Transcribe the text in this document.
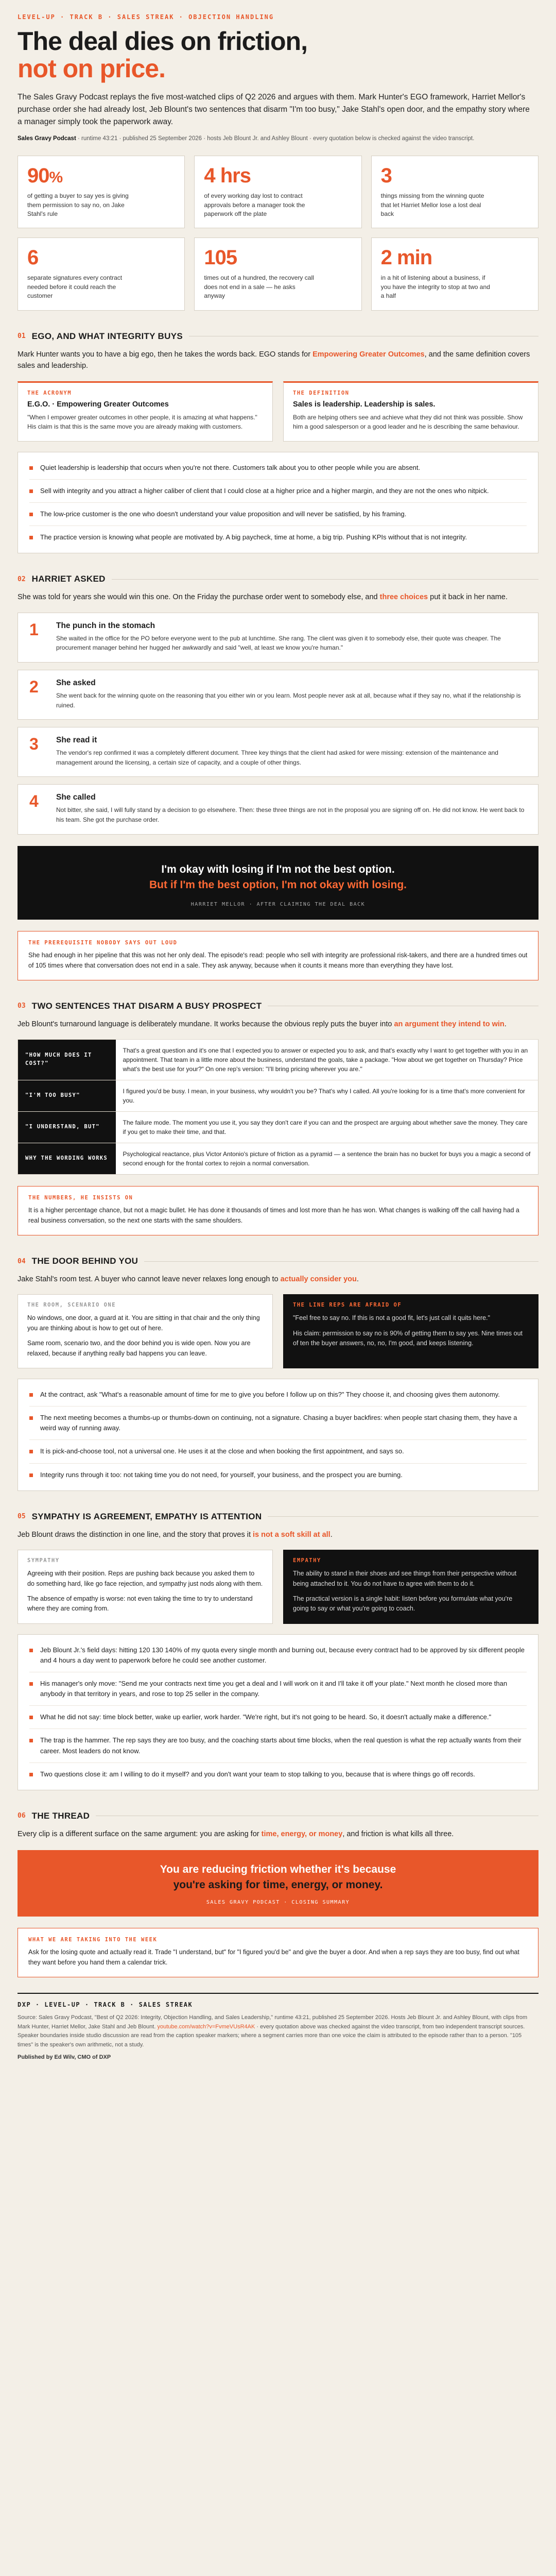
LEVEL-UP · TRACK B · SALES STREAK · OBJECTION HANDLING
The deal dies on friction,
not on price.

The Sales Gravy Podcast replays the five most-watched clips of Q2 2026 and argues with them. Mark Hunter's EGO framework, Harriet Mellor's purchase order she had already lost, Jeb Blount's two sentences that disarm "I'm too busy," Jake Stahl's open door, and the empathy story where a manager simply took the paperwork away.

Sales Gravy Podcast · runtime 43:21 · published 25 September 2026 · hosts Jeb Blount Jr. and Ashley Blount · every quotation below is checked against the video transcript.

90%
of getting a buyer to say yes is giving them permission to say no, on Jake Stahl's rule
4 hrs
of every working day lost to contract approvals before a manager took the paperwork off the plate
3
things missing from the winning quote that let Harriet Mellor lose a lost deal back
6
separate signatures every contract needed before it could reach the customer
105
times out of a hundred, the recovery call does not end in a sale — he asks anyway
2 min
in a hit of listening about a business, if you have the integrity to stop at two and a half
01 EGO, AND WHAT INTEGRITY BUYS

Mark Hunter wants you to have a big ego, then he takes the words back. EGO stands for Empowering Greater Outcomes, and the same definition covers sales and leadership.

THE ACRONYM
E.G.O. · Empowering Greater Outcomes
"When I empower greater outcomes in other people, it is amazing at what happens." His claim is that this is the same move you are already making with customers.
THE DEFINITION
Sales is leadership. Leadership is sales.
Both are helping others see and achieve what they did not think was possible. Show him a good salesperson or a good leader and he is describing the same behaviour.
Quiet leadership is leadership that occurs when you're not there. Customers talk about you to other people while you are absent.
Sell with integrity and you attract a higher caliber of client that I could close at a higher price and a higher margin, and they are not the ones who nitpick.
The low-price customer is the one who doesn't understand your value proposition and will never be satisfied, by his framing.
The practice version is knowing what people are motivated by. A big paycheck, time at home, a big trip. Pushing KPIs without that is not integrity.
02 HARRIET ASKED

She was told for years she would win this one. On the Friday the purchase order went to somebody else, and three choices put it back in her name.

1	The punch in the stomach
She waited in the office for the PO before everyone went to the pub at lunchtime. She rang. The client was given it to somebody else, their quote was cheaper. The procurement manager behind her hugged her awkwardly and said "well, at least we know you're human."
2	She asked
She went back for the winning quote on the reasoning that you either win or you learn. Most people never ask at all, because what if they say no, what if the relationship is ruined.
3	She read it
The vendor's rep confirmed it was a completely different document. Three key things that the client had asked for were missing: extension of the maintenance and management around the licensing, a certain size of capacity, and a couple of other things.
4	She called
Not bitter, she said, I will fully stand by a decision to go elsewhere. Then: these three things are not in the proposal you are signing off on. He did not know. He went back to his team. She got the purchase order.
I'm okay with losing if I'm not the best option.
But if I'm the best option, I'm not okay with losing.
HARRIET MELLOR · AFTER CLAIMING THE DEAL BACK
THE PREREQUISITE NOBODY SAYS OUT LOUD
She had enough in her pipeline that this was not her only deal. The episode's read: people who sell with integrity are professional risk-takers, and there are a hundred times out of 105 times where that conversation does not end in a sale. They ask anyway, because when it counts it means more than everything they have lost.
03 TWO SENTENCES THAT DISARM A BUSY PROSPECT

Jeb Blount's turnaround language is deliberately mundane. It works because the obvious reply puts the buyer into an argument they intend to win.

"HOW MUCH DOES IT COST?"	That's a great question and it's one that I expected you to answer or expected you to ask, and that's exactly why I want to get together with you in an appointment. That team in a little more about the business, understand the goals, take a package. "How about we get together on Thursday? Price what's the best use for your?" On one rep's version: "I'll bring pricing wherever you are."
"I'M TOO BUSY"	I figured you'd be busy. I mean, in your business, why wouldn't you be? That's why I called. All you're looking for is a time that's more convenient for you.
"I UNDERSTAND, BUT"	The failure mode. The moment you use it, you say they don't care if you can and the prospect are arguing about whether save the money. They care if you get to make their time, and that.
WHY THE WORDING WORKS	Psychological reactance, plus Victor Antonio's picture of friction as a pyramid — a sentence the brain has no bucket for buys you a magic a second of second enough for the frontal cortex to rejoin a normal conversation.
THE NUMBERS, HE INSISTS ON
It is a higher percentage chance, but not a magic bullet. He has done it thousands of times and lost more than he has won. What changes is walking off the call having had a real business conversation, so the next one starts with the same shoulders.
04 THE DOOR BEHIND YOU

Jake Stahl's room test. A buyer who cannot leave never relaxes long enough to actually consider you.

THE ROOM, SCENARIO ONE

No windows, one door, a guard at it. You are sitting in that chair and the only thing you are thinking about is how to get out of here.

Same room, scenario two, and the door behind you is wide open. Now you are relaxed, because if anything really bad happens you can leave.

THE LINE REPS ARE AFRAID OF

"Feel free to say no. If this is not a good fit, let's just call it quits here."

His claim: permission to say no is 90% of getting them to say yes. Nine times out of ten the buyer answers, no, no, I'm good, and keeps listening.

At the contract, ask "What's a reasonable amount of time for me to give you before I follow up on this?" They choose it, and choosing gives them autonomy.
The next meeting becomes a thumbs-up or thumbs-down on continuing, not a signature. Chasing a buyer backfires: when people start chasing them, they have a weird way of running away.
It is pick-and-choose tool, not a universal one. He uses it at the close and when booking the first appointment, and says so.
Integrity runs through it too: not taking time you do not need, for yourself, your business, and the prospect you are burning.
05 SYMPATHY IS AGREEMENT, EMPATHY IS ATTENTION

Jeb Blount draws the distinction in one line, and the story that proves it is not a soft skill at all.

SYMPATHY

Agreeing with their position. Reps are pushing back because you asked them to do something hard, like go face rejection, and sympathy just nods along with them.

The absence of empathy is worse: not even taking the time to try to understand where they are coming from.

EMPATHY

The ability to stand in their shoes and see things from their perspective without being attached to it. You do not have to agree with them to do it.

The practical version is a single habit: listen before you formulate what you're going to say or what you're going to coach.

Jeb Blount Jr.'s field days: hitting 120 130 140% of my quota every single month and burning out, because every contract had to be approved by six different people and 4 hours a day went to paperwork before he could see another customer.
His manager's only move: "Send me your contracts next time you get a deal and I will work on it and I'll take it off your plate." Next month he closed more than anybody in that territory in years, and rose to top 25 seller in the company.
What he did not say: time block better, wake up earlier, work harder. "We're right, but it's not going to be heard. So, it doesn't actually make a difference."
The trap is the hammer. The rep says they are too busy, and the coaching starts about time blocks, when the real question is what the rep actually wants from their career. Most leaders do not know.
Two questions close it: am I willing to do it myself? and you don't want your team to stop talking to you, because that is where things go off records.
06 THE THREAD

Every clip is a different surface on the same argument: you are asking for time, energy, or money, and friction is what kills all three.

You are reducing friction whether it's because
you're asking for time, energy, or money.
SALES GRAVY PODCAST · CLOSING SUMMARY
WHAT WE ARE TAKING INTO THE WEEK
Ask for the losing quote and actually read it. Trade "I understand, but" for "I figured you'd be" and give the buyer a door. And when a rep says they are too busy, find out what they want before you hand them a calendar trick.
DXP · LEVEL-UP · TRACK B · SALES STREAK

Source: Sales Gravy Podcast, "Best of Q2 2026: Integrity, Objection Handling, and Sales Leadership," runtime 43:21, published 25 September 2026. Hosts Jeb Blount Jr. and Ashley Blount, with clips from Mark Hunter, Harriet Mellor, Jake Stahl and Jeb Blount. youtube.com/watch?v=FvmeVUsR4AK · every quotation above was checked against the video transcript, from two independent transcript sources. Speaker boundaries inside studio discussion are read from the caption speaker markers; where a segment carries more than one voice the claim is attributed to the episode rather than to a person. "105 times" is the speaker's own arithmetic, not a study.

Published by Ed Wilv, CMO of DXP
